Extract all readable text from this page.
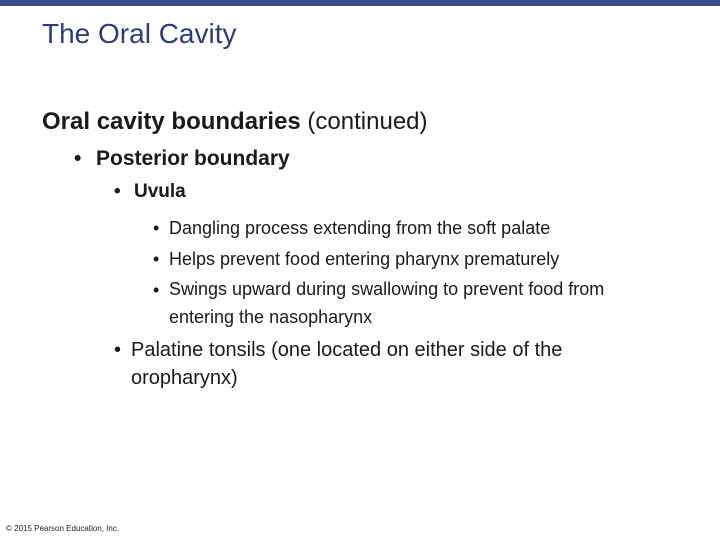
The Oral Cavity
Oral cavity boundaries (continued)
• Posterior boundary
• Uvula
• Dangling process extending from the soft palate
• Helps prevent food entering pharynx prematurely
• Swings upward during swallowing to prevent food from entering the nasopharynx
• Palatine tonsils (one located on either side of the oropharynx)
© 2015 Pearson Education, Inc.
